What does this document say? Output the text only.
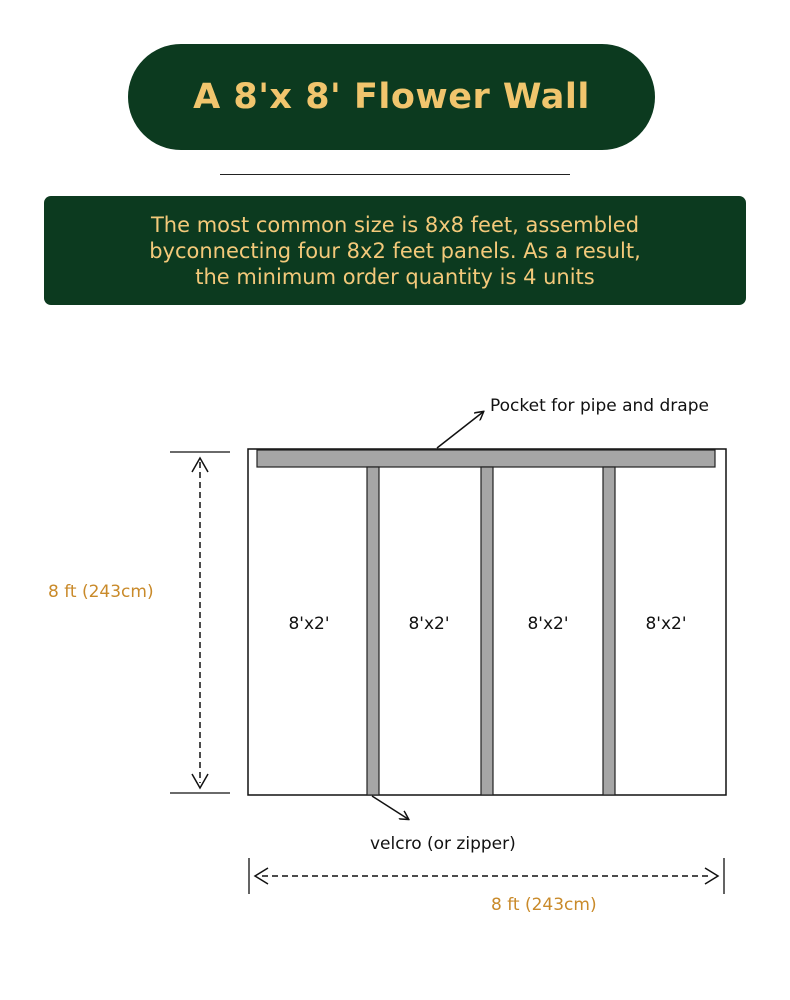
A 8'x 8' Flower Wall
The most common size is 8x8 feet, assembled
byconnecting four 8x2 feet panels. As a result,
the minimum order quantity is 4 units
8'x2'	8'x2'	8'x2'	8'x2'
Pocket for pipe and drape
velcro (or zipper)
8 ft (243cm)
8 ft (243cm)
